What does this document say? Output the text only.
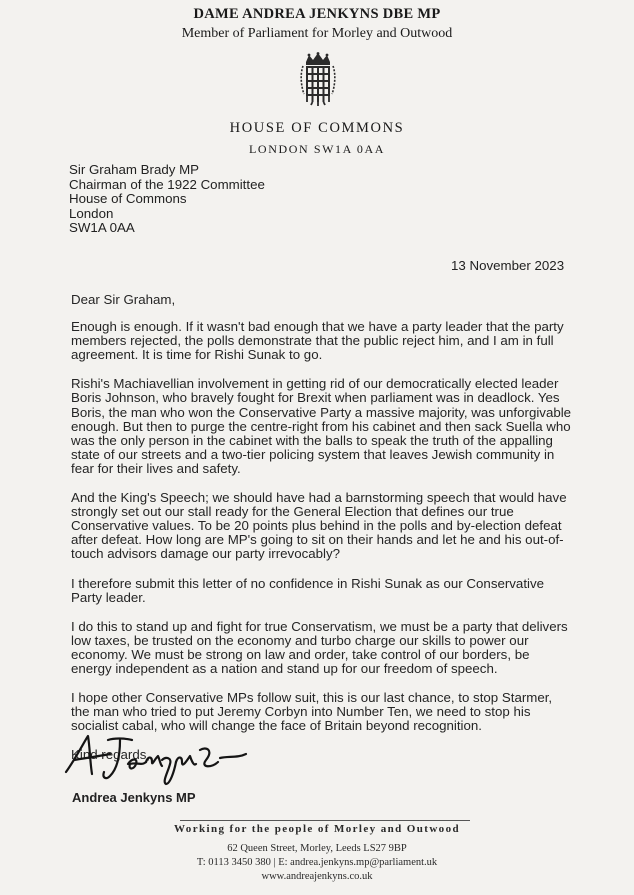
DAME ANDREA JENKYNS DBE MP
Member of Parliament for Morley and Outwood
HOUSE OF COMMONS
LONDON SW1A 0AA
Sir Graham Brady MP
Chairman of the 1922 Committee
House of Commons
London
SW1A 0AA
13 November 2023

Dear Sir Graham,

Enough is enough. If it wasn't bad enough that we have a party leader that the party
members rejected, the polls demonstrate that the public reject him, and I am in full
agreement. It is time for Rishi Sunak to go.

Rishi's Machiavellian involvement in getting rid of our democratically elected leader
Boris Johnson, who bravely fought for Brexit when parliament was in deadlock. Yes
Boris, the man who won the Conservative Party a massive majority, was unforgivable
enough. But then to purge the centre-right from his cabinet and then sack Suella who
was the only person in the cabinet with the balls to speak the truth of the appalling
state of our streets and a two-tier policing system that leaves Jewish community in
fear for their lives and safety.

And the King's Speech; we should have had a barnstorming speech that would have
strongly set out our stall ready for the General Election that defines our true
Conservative values. To be 20 points plus behind in the polls and by-election defeat
after defeat. How long are MP's going to sit on their hands and let he and his out-of-
touch advisors damage our party irrevocably?

I therefore submit this letter of no confidence in Rishi Sunak as our Conservative
Party leader.

I do this to stand up and fight for true Conservatism, we must be a party that delivers
low taxes, be trusted on the economy and turbo charge our skills to power our
economy. We must be strong on law and order, take control of our borders, be
energy independent as a nation and stand up for our freedom of speech.

I hope other Conservative MPs follow suit, this is our last chance, to stop Starmer,
the man who tried to put Jeremy Corbyn into Number Ten, we need to stop his
socialist cabal, who will change the face of Britain beyond recognition.

Kind regards,

Andrea Jenkyns MP
Working for the people of Morley and Outwood
62 Queen Street, Morley, Leeds LS27 9BP
T: 0113 3450 380 | E: andrea.jenkyns.mp@parliament.uk
www.andreajenkyns.co.uk
